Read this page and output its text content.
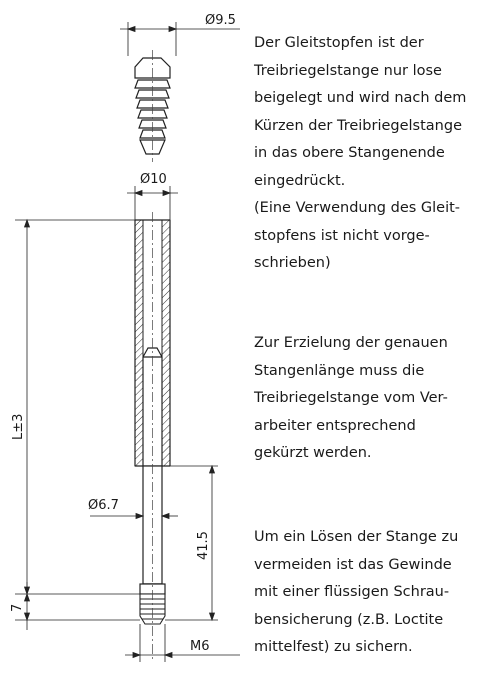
Ø9.5
Ø10
L±3
7
41.5
Ø6.7
M6
Der Gleitstopfen ist der
Treibriegelstange nur lose
beigelegt und wird nach dem
Kürzen der Treibriegelstange
in das obere Stangenende
eingedrückt.
(Eine Verwendung des Gleit-
stopfens ist nicht vorge-
schrieben)
Zur Erzielung der genauen
Stangenlänge muss die
Treibriegelstange vom Ver-
arbeiter entsprechend
gekürzt werden.
Um ein Lösen der Stange zu
vermeiden ist das Gewinde
mit einer flüssigen Schrau-
bensicherung (z.B. Loctite
mittelfest) zu sichern.
